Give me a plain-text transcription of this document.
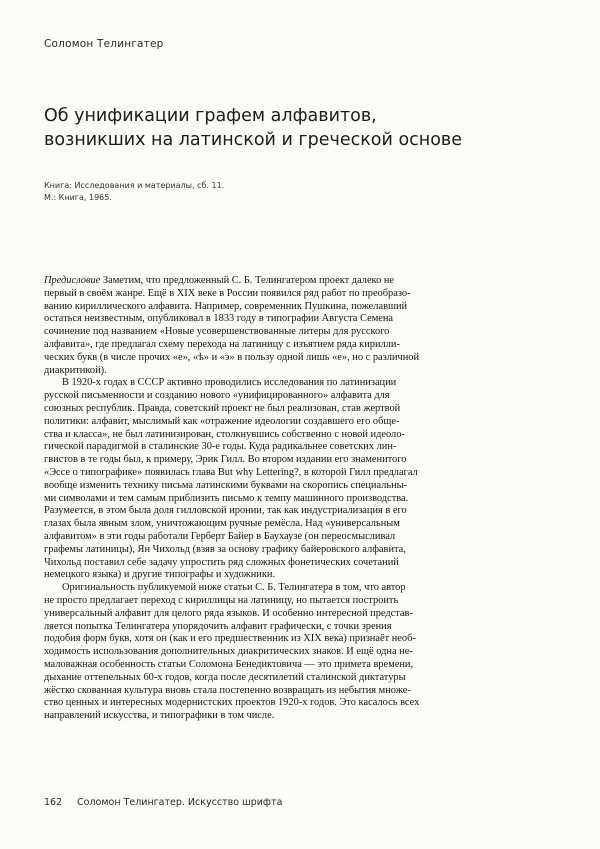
Соломон Телингатер
Об унификации графем алфавитов,
возникших на латинской и греческой основе
Книга: Исследования и материалы, сб. 11.
М.: Книга, 1965.
Предисловие Заметим, что предложенный С. Б. Телингатером проект далеко не
первый в своём жанре. Ещё в XIX веке в России появился ряд работ по преобразо-
ванию кириллического алфавита. Например, современник Пушкина, пожелавший
остаться неизвестным, опубликовал в 1833 году в типографии Августа Семена
сочинение под названием «Новые усовершенствованные литеры для русского
алфавита», где предлагал схему перехода на латиницу с изъятием ряда кирилли-
ческих букв (в числе прочих «е», «ѣ» и «э» в пользу одной лишь «е», но с различной
диакритикой).
В 1920-х годах в СССР активно проводились исследования по латинизации
русской письменности и созданию нового «унифицированного» алфавита для
союзных республик. Правда, советский проект не был реализован, став жертвой
политики: алфавит, мыслимый как «отражение идеологии создавшего его обще-
ства и класса», не был латинизирован, столкнувшись собственно с новой идеоло-
гической парадигмой в сталинские 30-е годы. Куда радикальнее советских лин-
гвистов в те годы был, к примеру, Эрик Гилл. Во втором издании его знаменитого
«Эссе о типографике» появилась глава But why Lettering?, в которой Гилл предлагал
вообще изменить технику письма латинскими буквами на скоропись специальны-
ми символами и тем самым приблизить письмо к темпу машинного производства.
Разумеется, в этом была доля гилловской иронии, так как индустриализация в его
глазах была явным злом, уничтожающим ручные ремёсла. Над «универсальным
алфавитом» в эти годы работали Герберт Байер в Баухаузе (он переосмысливал
графемы латиницы), Ян Чихольд (взяв за основу графику байеровского алфавита,
Чихольд поставил себе задачу упростить ряд сложных фонетических сочетаний
немецкого языка) и другие типографы и художники.
Оригинальность публикуемой ниже статьи С. Б. Телингатера в том, что автор
не просто предлагает переход с кириллицы на латиницу, но пытается построить
универсальный алфавит для целого ряда языков. И особенно интересной представ-
ляется попытка Телингатера упорядочить алфавит графически, с точки зрения
подобия форм букв, хотя он (как и его предшественник из XIX века) признаёт необ-
ходимость использования дополнительных диакритических знаков. И ещё одна не-
маловажная особенность статьи Соломона Бенедиктовича — это примета времени,
дыхание оттепельных 60-х годов, когда после десятилетий сталинской диктатуры
жёстко скованная культура вновь стала постепенно возвращать из небытия множе-
ство ценных и интересных модернистских проектов 1920-х годов. Это касалось всех
направлений искусства, и типографики в том числе.
162 Соломон Телингатер. Искусство шрифта
